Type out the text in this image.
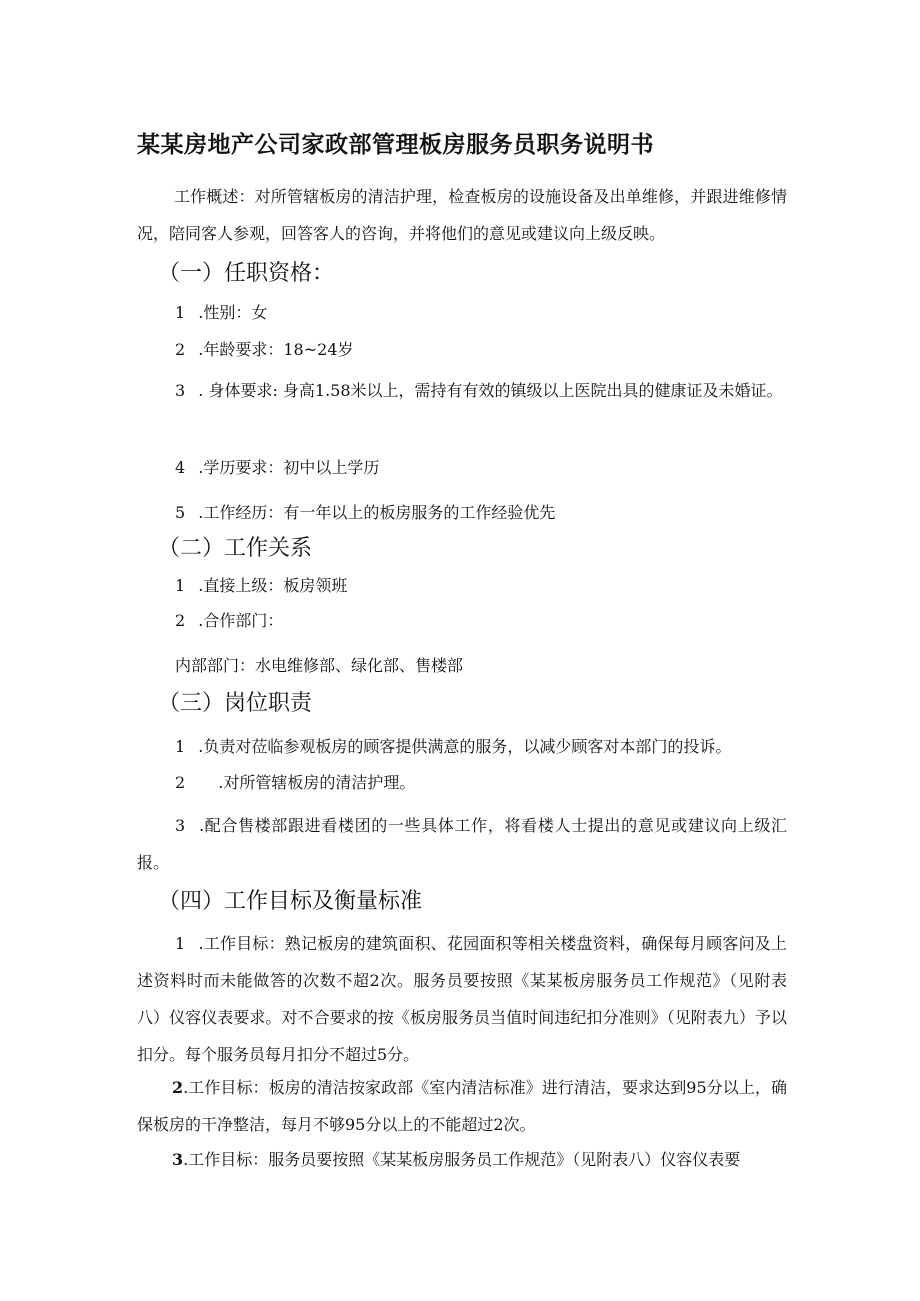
某某房地产公司家政部管理板房服务员职务说明书
工作概述：对所管辖板房的清洁护理，检查板房的设施设备及出单维修，并跟进维修情况，陪同客人参观，回答客人的咨询，并将他们的意见或建议向上级反映。
（一）任职资格：
1 .性别：女
2 .年龄要求：18~24岁
3 . 身体要求: 身高1.58米以上，需持有有效的镇级以上医院出具的健康证及未婚证。
4 .学历要求：初中以上学历
5 .工作经历：有一年以上的板房服务的工作经验优先
（二）工作关系
1 .直接上级：板房领班
2 .合作部门：
内部部门：水电维修部、绿化部、售楼部
（三）岗位职责
1 .负责对莅临参观板房的顾客提供满意的服务，以减少顾客对本部门的投诉。
2 .对所管辖板房的清洁护理。
3 .配合售楼部跟进看楼团的一些具体工作，将看楼人士提出的意见或建议向上级汇报。
（四）工作目标及衡量标准
1 .工作目标：熟记板房的建筑面积、花园面积等相关楼盘资料，确保每月顾客问及上述资料时而未能做答的次数不超2次。服务员要按照《某某板房服务员工作规范》（见附表八）仪容仪表要求。对不合要求的按《板房服务员当值时间违纪扣分准则》（见附表九）予以扣分。每个服务员每月扣分不超过5分。
2.工作目标：板房的清洁按家政部《室内清洁标准》进行清洁，要求达到95分以上，确保板房的干净整洁，每月不够95分以上的不能超过2次。
3.工作目标：服务员要按照《某某板房服务员工作规范》（见附表八）仪容仪表要
